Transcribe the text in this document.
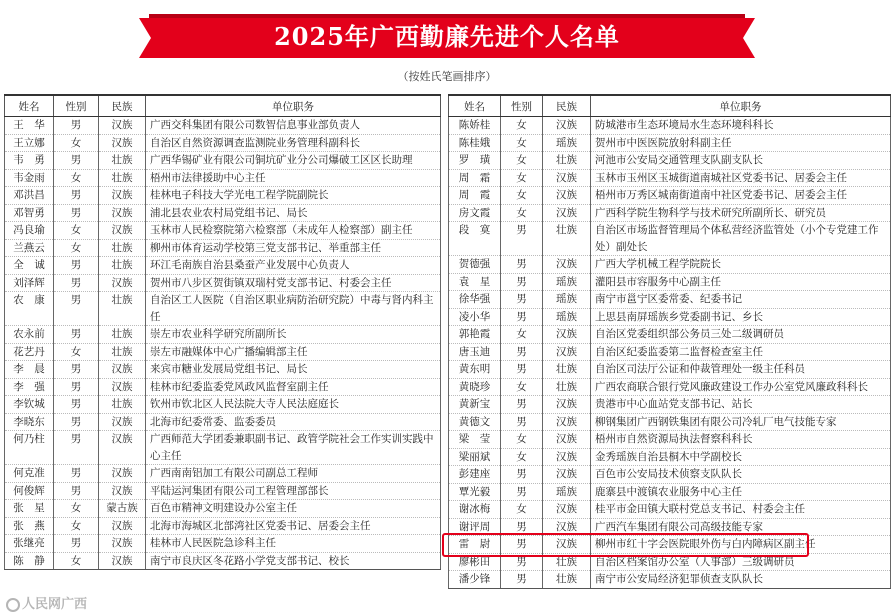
2025年广西勤廉先进个人名单
（按姓氏笔画排序）
姓名	性别	民族	单位职务
王　华	男	汉族	广西交科集团有限公司数智信息事业部负责人
王立娜	女	汉族	自治区自然资源调查监测院业务管理科副科长
韦　勇	男	壮族	广西华锡矿业有限公司铜坑矿业分公司爆破工区区长助理
韦金雨	女	壮族	梧州市法律援助中心主任
邓洪昌	男	汉族	桂林电子科技大学光电工程学院副院长
邓智勇	男	汉族	浦北县农业农村局党组书记、局长
冯良瑜	女	汉族	玉林市人民检察院第六检察部（未成年人检察部）副主任
兰燕云	女	壮族	柳州市体育运动学校第三党支部书记、举重部主任
全　诚	男	壮族	环江毛南族自治县桑蚕产业发展中心负责人
刘泽辉	男	汉族	贺州市八步区贺街镇双瑞村党支部书记、村委会主任
农　康	男	壮族	自治区工人医院（自治区职业病防治研究院）中毒与肾内科主任
农永前	男	壮族	崇左市农业科学研究所副所长
花艺丹	女	壮族	崇左市融媒体中心广播编辑部主任
李　晨	男	汉族	来宾市糖业发展局党组书记、局长
李　强	男	汉族	桂林市纪委监委党风政风监督室副主任
李钦城	男	壮族	钦州市钦北区人民法院大寺人民法庭庭长
李晓东	男	汉族	北海市纪委常委、监委委员
何乃柱	男	汉族	广西师范大学团委兼职副书记、政管学院社会工作实训实践中心主任
何克准	男	汉族	广西南南铝加工有限公司副总工程师
何俊辉	男	汉族	平陆运河集团有限公司工程管理部部长
张　星	女	蒙古族	百色市精神文明建设办公室主任
张　燕	女	汉族	北海市海城区北部湾社区党委书记、居委会主任
张继亮	男	汉族	桂林市人民医院急诊科主任
陈　静	女	汉族	南宁市良庆区冬花路小学党支部书记、校长
姓名	性别	民族	单位职务
陈娇桂	女	汉族	防城港市生态环境局水生态环境科科长
陈桂娥	女	瑶族	贺州市中医医院放射科副主任
罗　璜	女	壮族	河池市公安局交通管理支队副支队长
周　霜	女	汉族	玉林市玉州区玉城街道南城社区党委书记、居委会主任
周　霞	女	汉族	梧州市万秀区城南街道南中社区党委书记、居委会主任
房文霞	女	汉族	广西科学院生物科学与技术研究所副所长、研究员
段　寞	男	壮族	自治区市场监督管理局个体私营经济监管处（小个专党建工作处）副处长
贺德强	男	汉族	广西大学机械工程学院院长
袁　星	男	瑶族	灌阳县市容服务中心副主任
徐华强	男	瑶族	南宁市邕宁区委常委、纪委书记
凌小华	男	瑶族	上思县南屏瑶族乡党委副书记、乡长
郭艳霞	女	汉族	自治区党委组织部公务员三处二级调研员
唐玉迪	男	汉族	自治区纪委监委第二监督检查室主任
黄东明	男	壮族	自治区司法厅公证和仲裁管理处一级主任科员
黄晓珍	女	壮族	广西农商联合银行党风廉政建设工作办公室党风廉政科科长
黄新宝	男	汉族	贵港市中心血站党支部书记、站长
黄德文	男	汉族	柳钢集团广西钢铁集团有限公司冷轧厂电气技能专家
梁　莹	女	汉族	梧州市自然资源局执法督察科科长
梁丽斌	女	汉族	金秀瑶族自治县桐木中学副校长
彭建座	男	汉族	百色市公安局技术侦察支队队长
覃光毅	男	瑶族	鹿寨县中渡镇农业服务中心主任
谢冰梅	女	汉族	桂平市金田镇大联村党总支书记、村委会主任
谢评周	男	汉族	广西汽车集团有限公司高级技能专家
雷　尉	男	汉族	柳州市红十字会医院眼外伤与白内障病区副主任
廖彬田	男	壮族	自治区档案馆办公室（人事部）三级调研员
潘少锋	男	壮族	南宁市公安局经济犯罪侦查支队队长
人民网广西
